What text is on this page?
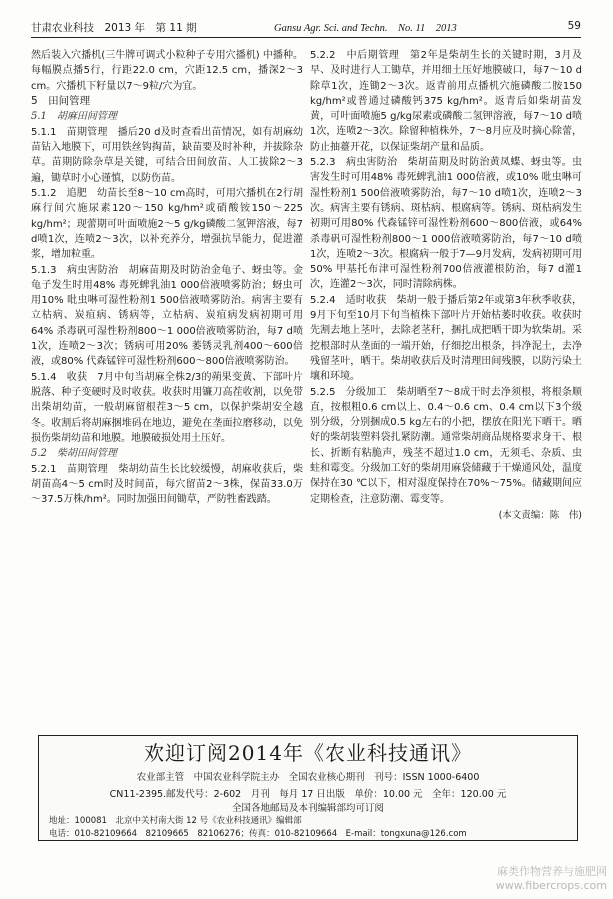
甘肃农业科技　2013 年　第 11 期	Gansu Agr. Sci. and Techn.　No. 11　2013	59

然后装入穴播机(三牛牌可调式小粒种子专用穴播机) 中播种。每幅膜点播5行，行距22.0 cm，穴距12.5 cm，播深2～3 cm。穴播机下籽量以7～9粒/穴为宜。

5　田间管理

5.1　胡麻田间管理

5.1.1　苗期管理　播后20 d及时查看出苗情况，如有胡麻幼苗钻入地膜下，可用铁丝钩掏苗，缺苗要及时补种，并拔除杂草。苗期防除杂草是关键，可结合田间放苗、人工拔除2～3遍，锄草时小心谨慎，以防伤苗。

5.1.2　追肥　幼苗长至8～10 cm高时，可用穴播机在2行胡麻行间穴施尿素120～150 kg/hm²或硝酸铵150～225 kg/hm²；现蕾期可叶面喷施2～5 g/kg磷酸二氢钾溶液，每7 d喷1次，连喷2～3次，以补充养分，增强抗旱能力，促进灌浆，增加粒重。

5.1.3　病虫害防治　胡麻苗期及时防治金龟子、蚜虫等。金龟子发生时用48% 毒死蜱乳油1 000倍液喷雾防治；蚜虫可用10% 吡虫啉可湿性粉剂1 500倍液喷雾防治。病害主要有立枯病、炭疽病、锈病等，立枯病、炭疽病发病初期可用64% 杀毒矾可湿性粉剂800～1 000倍液喷雾防治，每7 d喷1次，连喷2～3次；锈病可用20% 萎锈灵乳剂400～600倍液，或80% 代森锰锌可湿性粉剂600～800倍液喷雾防治。

5.1.4　收获　7月中旬当胡麻全株2/3的蒴果变黄、下部叶片脱落、种子变硬时及时收获。收获时用镰刀高茬收割，以免带出柴胡幼苗，一般胡麻留根茬3～5 cm，以保护柴胡安全越冬。收割后将胡麻捆堆码在地边，避免在垄面拉磨移动，以免损伤柴胡幼苗和地膜。地膜破损处用土压好。

5.2　柴胡田间管理

5.2.1　苗期管理　柴胡幼苗生长比较缓慢，胡麻收获后，柴胡苗高4～5 cm时及时间苗，每穴留苗2～3株，保苗33.0万～37.5万株/hm²。同时加强田间锄草，严防牲畜践踏。

5.2.2　中后期管理　第2年是柴胡生长的关键时期，3月及早、及时进行人工锄草，并用细土压好地膜破口，每7～10 d除草1次，连锄2～3次。返青前用点播机穴施磷酸二胺150 kg/hm²或普通过磷酸钙375 kg/hm²。返青后如柴胡苗发黄，可叶面喷施5 g/kg尿素或磷酸二氢钾溶液，每7～10 d喷1次，连喷2～3次。除留种植株外，7～8月应及时摘心除蕾，防止抽薹开花，以保证柴胡产量和品质。

5.2.3　病虫害防治　柴胡苗期及时防治黄凤蝶、蚜虫等。虫害发生时可用48% 毒死蜱乳油1 000倍液，或10% 吡虫啉可湿性粉剂1 500倍液喷雾防治，每7～10 d喷1次，连喷2～3次。病害主要有锈病、斑枯病、根腐病等。锈病、斑枯病发生初期可用80% 代森锰锌可湿性粉剂600～800倍液，或64% 杀毒矾可湿性粉剂800～1 000倍液喷雾防治，每7～10 d喷1次，连喷2～3次。根腐病一般于7—9月发病，发病初期可用50% 甲基托布津可湿性粉剂700倍液灌根防治，每7 d灌1次，连灌2～3次，同时清除病株。

5.2.4　适时收获　柴胡一般于播后第2年或第3年秋季收获，9月下旬至10月下旬当植株下部叶片开始枯萎时收获。收获时先割去地上茎叶，去除老茎秆，捆扎成把晒干即为软柴胡。采挖根部时从垄面的一端开始，仔细挖出根条，抖净泥土，去净残留茎叶，晒干。柴胡收获后及时清理田间残膜，以防污染土壤和环境。

5.2.5　分级加工　柴胡晒至7～8成干时去净须根，将根条顺直，按根粗0.6 cm以上、0.4～0.6 cm、0.4 cm以下3个级别分级，分别捆成0.5 kg左右的小把，摆放在阳光下晒干。晒好的柴胡装塑料袋扎紧防潮。通常柴胡商品规格要求身干、根长、折断有粘脆声，残茎不超过1.0 cm，无须毛、杂质、虫蛀和霉变。分级加工好的柴胡用麻袋储藏于干燥通风处，温度保持在30 ℃以下，相对湿度保持在70%～75%。储藏期间应定期检查，注意防潮、霉变等。

(本文责编：陈　伟)

欢迎订阅2014年《农业科技通讯》
农业部主管　中国农业科学院主办　全国农业核心期刊　刊号：ISSN 1000-6400
CN11-2395.邮发代号：2-602　月刊　每月 17 日出版　单价：10.00 元　全年：120.00 元
全国各地邮局及本刊编辑部均可订阅
地址：100081　北京中关村南大街 12 号《农业科技通讯》编辑部
电话：010-82109664　82109665　82106276；传真：010-82109664　E-mail：tongxuna@126.com
麻类作物营养与施肥网
www.fibercrops.com
